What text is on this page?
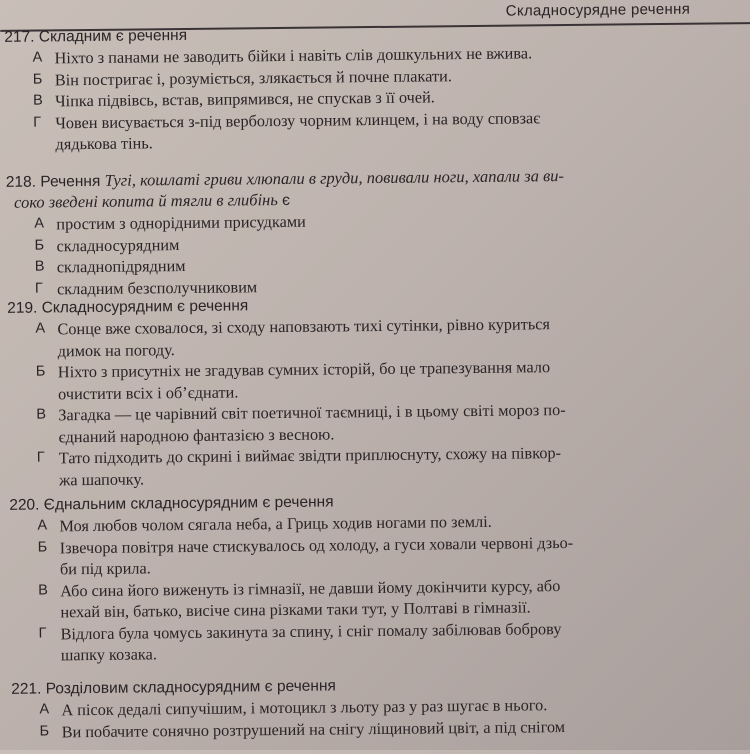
Складносурядне речення
217. Складним є речення
А Ніхто з панами не заводить бійки і навіть слів дошкульних не вжива.
Б Він постригає і, розуміється, злякається й почне плакати.
В Чіпка підвівсь, встав, випрямився, не спускав з її очей.
Г Човен висувається з-під верболозу чорним клинцем, і на воду сповзає
дядькова тінь.
218. Речення Тугі, кошлаті гриви хлюпали в груди, повивали ноги, хапали за ви-
соко зведені копита й тягли в глибінь є
А простим з однорідними присудками
Б складносурядним
В складнопідрядним
Г складним безсполучниковим
219. Складносурядним є речення
А Сонце вже сховалося, зі сходу наповзають тихі сутінки, рівно куриться
димок на погоду.
Б Ніхто з присутніх не згадував сумних історій, бо це трапезування мало
очистити всіх і об’єднати.
В Загадка — це чарівний світ поетичної таємниці, і в цьому світі мороз по-
єднаний народною фантазією з весною.
Г Тато підходить до скрині і виймає звідти приплюснуту, схожу на півкор-
жа шапочку.
220. Єднальним складносурядним є речення
А Моя любов чолом сягала неба, а Гриць ходив ногами по землі.
Б Ізвечора повітря наче стискувалось од холоду, а гуси ховали червоні дзьо-
би під крила.
В Або сина його виженуть із гімназії, не давши йому докінчити курсу, або
нехай він, батько, висіче сина різками таки тут, у Полтаві в гімназії.
Г Відлога була чомусь закинута за спину, і сніг помалу забілював боброву
шапку козака.
221. Розділовим складносурядним є речення
А А пісок дедалі сипучішим, і мотоцикл з льоту раз у раз шугає в нього.
Б Ви побачите сонячно розтрушений на снігу ліщиновий цвіт, а під снігом
